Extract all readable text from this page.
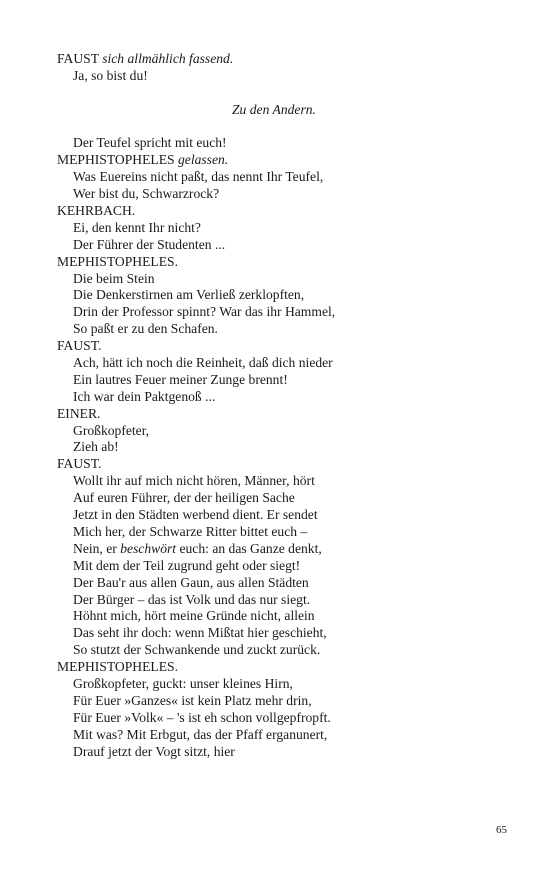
FAUST sich allmählich fassend.
Ja, so bist du!
Zu den Andern.
Der Teufel spricht mit euch!
MEPHISTOPHELES gelassen.
Was Euereins nicht paßt, das nennt Ihr Teufel,
Wer bist du, Schwarzrock?
KEHRBACH.
Ei, den kennt Ihr nicht?
Der Führer der Studenten ...
MEPHISTOPHELES.
Die beim Stein
Die Denkerstirnen am Verließ zerklopften,
Drin der Professor spinnt? War das ihr Hammel,
So paßt er zu den Schafen.
FAUST.
Ach, hätt ich noch die Reinheit, daß dich nieder
Ein lautres Feuer meiner Zunge brennt!
Ich war dein Paktgenoß ...
EINER.
Großkopfeter,
Zieh ab!
FAUST.
Wollt ihr auf mich nicht hören, Männer, hört
Auf euren Führer, der der heiligen Sache
Jetzt in den Städten werbend dient. Er sendet
Mich her, der Schwarze Ritter bittet euch –
Nein, er beschwört euch: an das Ganze denkt,
Mit dem der Teil zugrund geht oder siegt!
Der Bau'r aus allen Gaun, aus allen Städten
Der Bürger – das ist Volk und das nur siegt.
Höhnt mich, hört meine Gründe nicht, allein
Das seht ihr doch: wenn Mißtat hier geschieht,
So stutzt der Schwankende und zuckt zurück.
MEPHISTOPHELES.
Großkopfeter, guckt: unser kleines Hirn,
Für Euer »Ganzes« ist kein Platz mehr drin,
Für Euer »Volk« – 's ist eh schon vollgepfropft.
Mit was? Mit Erbgut, das der Pfaff erganunert,
Drauf jetzt der Vogt sitzt, hier
65
